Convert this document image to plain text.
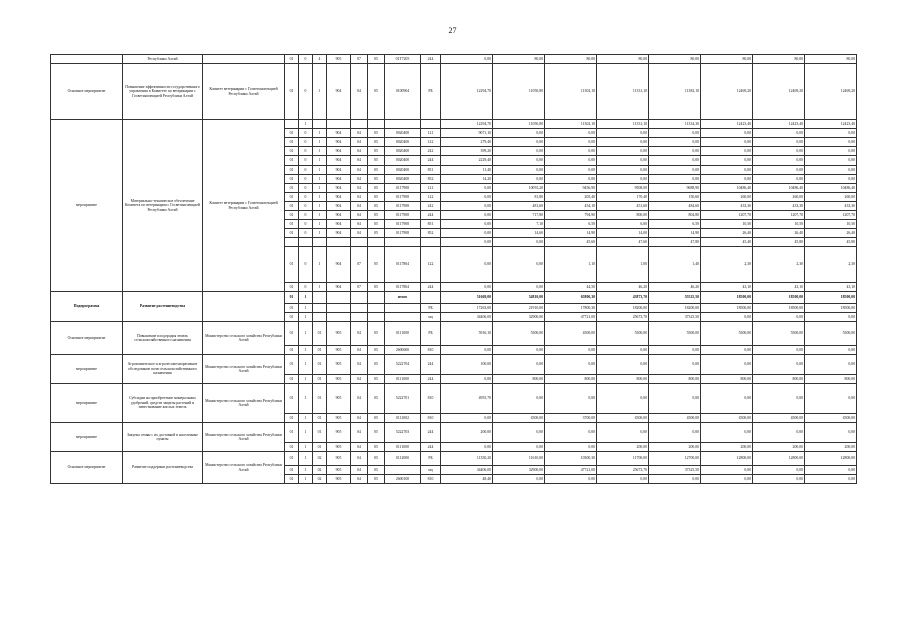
27
	Республики Алтай		01	0	4	905	07	05	01Т7205	244	0,00	80,00	80,00	80,00	80,00	80,00	80,00	80,00
Основное мероприятие	Повышение эффективности государственного управления в Комитете по ветеринарии с Госветинспекцией Республики Алтай	Комитет ветеринарии с Госветинспекцией Республики Алтай	01	0	1	904	04	05	0100904	РБ	12294,70	11050,80	11302,10	11331,10	11382,10	12469,20	12469,20	12469,20
мероприятие	Материально-техническое обеспечение Комитета по ветеринарии с Госветинспекцией Республики Алтай	Комитет ветеринарии с Госветинспекцией Республики Алтай		1							12294,70	11050,80	11302,10	11331,10	11334,30	12423,40	12423,40	12423,40
			01	0	1	904	04	05	0020400	121	9071,10	0,00	0,00	0,00	0,00	0,00	0,00	0,00
			01	0	1	904	04	05	0020400	122	279,40	0,00	0,00	0,00	0,00	0,00	0,00	0,00
			01	0	1	904	04	05	0020400	242	399,20	0,00	0,00	0,00	0,00	0,00	0,00	0,00
			01	0	1	904	04	05	0020400	244	2229,40	0,00	0,00	0,00	0,00	0,00	0,00	0,00
			01	0	1	904	04	05	0020400	851	11,40	0,00	0,00	0,00	0,00	0,00	0,00	0,00
			01	0	1	904	04	05	0020400	852	14,20	0,00	0,00	0,00	0,00	0,00	0,00	0,00
			01	0	1	904	04	05	0117908	121	0,00	10055,20	9456,90	9508,00	9688,90	10486,40	10486,40	10486,40
			01	0	1	904	04	05	0117908	122	0,00	81,80	205,40	170,40	150,60	260,00	260,00	260,00
			01	0	1	904	04	05	0117908	242	0,00	481,60	454,10	451,60	484,60	433,30	433,30	433,30
			01	0	1	904	04	05	0117908	244	0,00	717,80	794,90	800,00	804,80	1207,70	1207,70	1207,70
			01	0	1	904	04	05	0117908	851	0,00	7,10	6,50	6,00	6,50	10,50	10,50	10,50
			01	0	1	904	04	05	0117908	852	0,00	14,60	14,90	14,00	14,90	26,40	26,40	26,40
											0,00	0,00	45,60	47,60	47,80	45,40	45,80	45,80
			01	0	1	904	07	05	0117804	122	0,00	0,00	1,10	1,00	1,40	2,30	2,30	2,30
			01	0	1	904	07	05	0117804	244	0,00	0,00	44,50	46,20	46,20	43,10	43,10	43,10
Подпрограмма	Развитие растениеводства		01	1					итого		51669,00	54810,00	65806,30	43873,70	55525,50	18500,00	18500,00	18500,00
			01	1						РБ	17263,00	21910,00	17800,30	18200,00	18200,00	18500,00	18500,00	18500,00
			01	1						мц	34406,00	32900,00	47721,00	25673,70	37325,50	0,00	0,00	0,00
Основное мероприятие	Повышение плодородия земель сельскохозяйственного назначения	Министерство сельского хозяйства Республики Алтай	01	1	01	905	04	05	0111000	РБ	5916,10	5500,00	4500,00	5500,00	5500,00	5500,00	5500,00	5500,00
			01	1	01	905	04	05	2600600	810	0,00	0,00	0,00	0,00	0,00	0,00	0,00	0,00
мероприятие	Агрохимическое и агролесомелиоративное обследование почв сельскохозяйственного назначения	Министерство сельского хозяйства Республики Алтай	01	1	01	905	04	05	5222704	244	100,00	0,00	0,00	0,00	0,00	0,00	0,00	0,00
			01	1	01	905	04	05	0111000	244	0,00	800,00	800,00	800,00	800,00	800,00	800,00	800,00
мероприятие	Субсидии на приобретение минеральных удобрений, средств защиты растений и известкование кислых земель	Министерство сельского хозяйства Республики Алтай	01	1	01	905	04	05	5222701	810	4955,70	0,00	0,00	0,00	0,00	0,00	0,00	0,00
			01	1	01	905	04	05	0111002	810	0,00	4500,00	3700,00	4500,00	4500,00	4500,00	4500,00	4500,00
мероприятие	Закупка семян с их доставкой в населенные пункты	Министерство сельского хозяйства Республики Алтай	01	1	01	905	04	05	5222703	244	200,00	0,00	0,00	0,00	0,00	0,00	0,00	0,00
			01	1	01	905	04	05	0111000	244	0,00	0,00	0,00	200,00	200,00	200,00	200,00	200,00
Основное мероприятие	Развитие поддержки растениеводства	Министерство сельского хозяйства Республики Алтай	01	1	02	905	04	05	0112000	РБ	11350,20	11610,00	10300,30	11700,00	12700,00	12800,00	12800,00	12800,00
			01	1	02	905	04	05		мц	34406,00	32900,00	47721,00	25673,70	37325,50	0,00	0,00	0,00
			01	1	02	905	04	05	2600100	810	48,40	0,00	0,00	0,00	0,00	0,00	0,00	0,00
